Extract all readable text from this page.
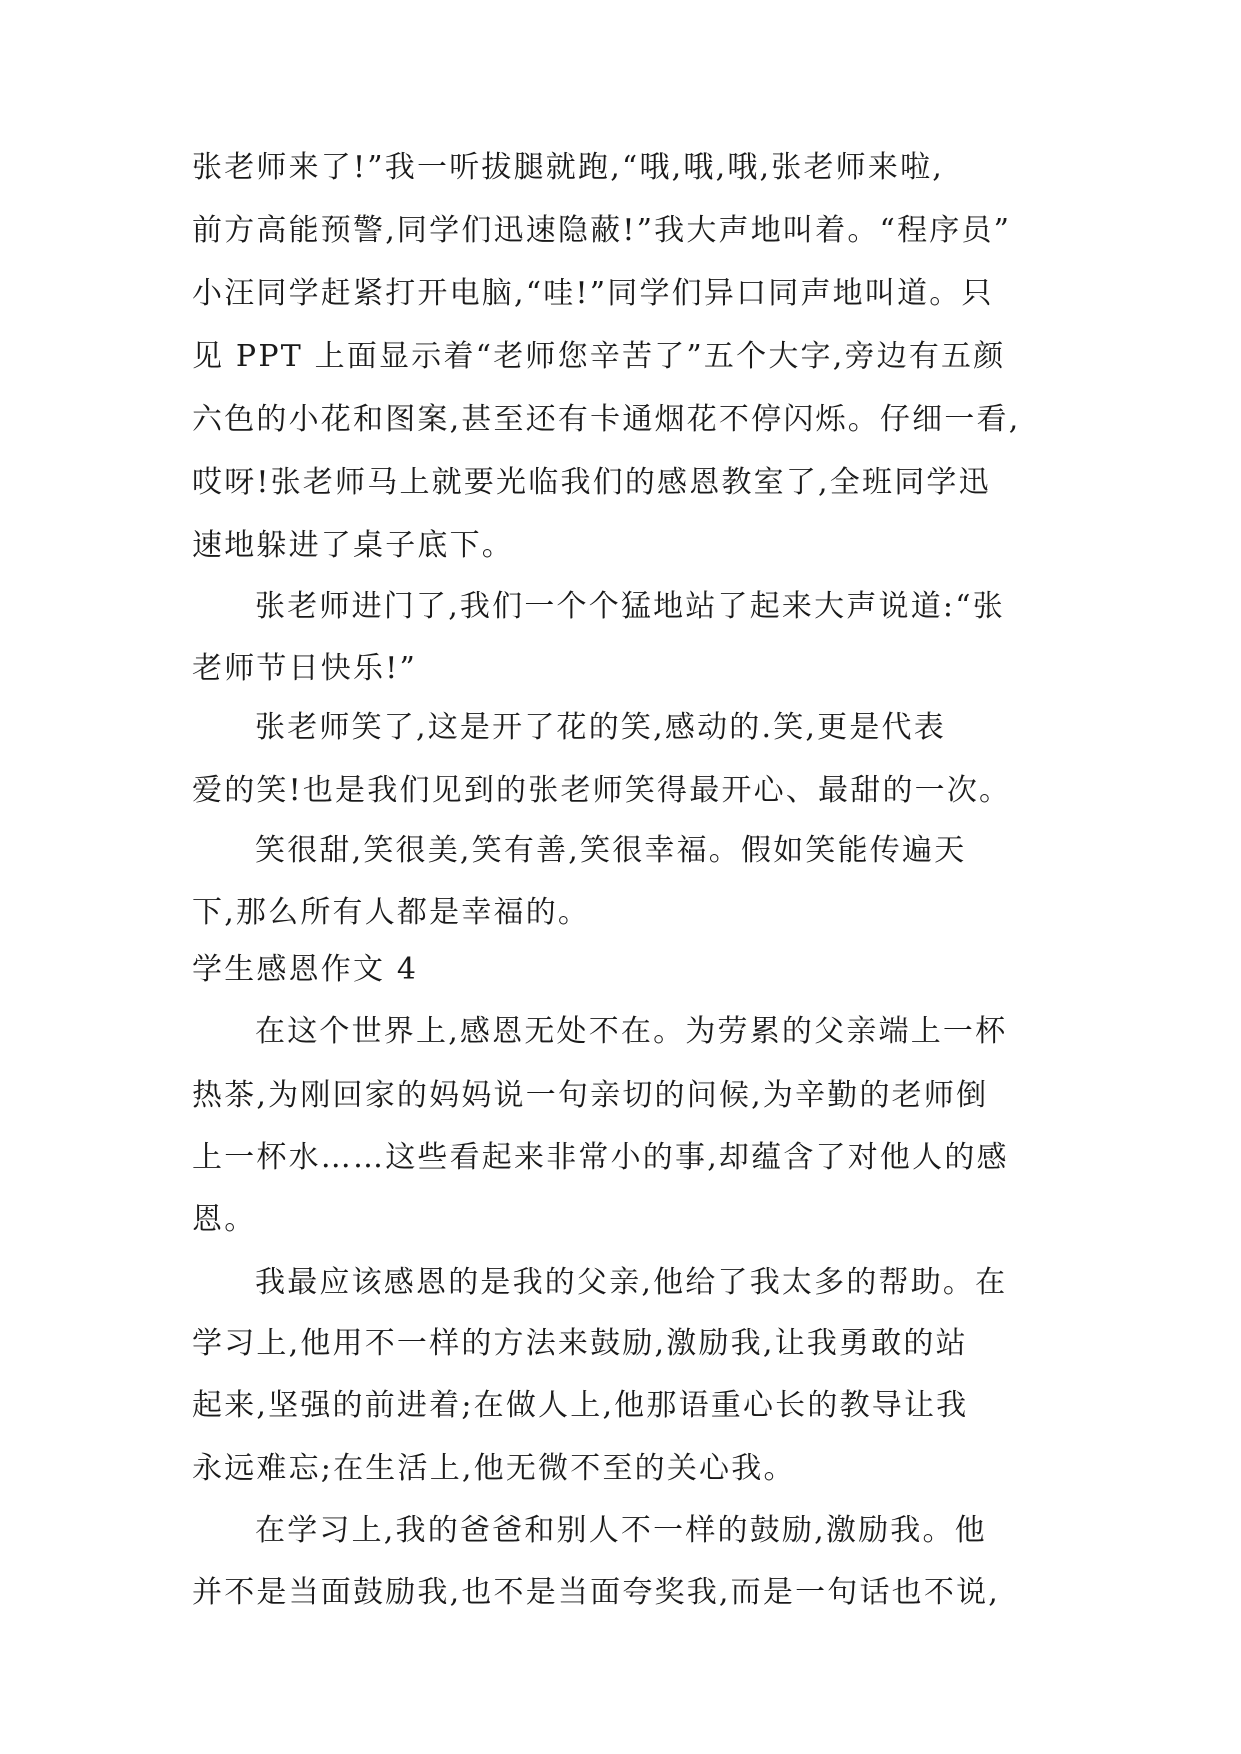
张老师来了!”我一听拔腿就跑,“哦,哦,哦,张老师来啦,
前方高能预警,同学们迅速隐蔽!”我大声地叫着。“程序员”
小汪同学赶紧打开电脑,“哇!”同学们异口同声地叫道。只
见 PPT 上面显示着“老师您辛苦了”五个大字,旁边有五颜
六色的小花和图案,甚至还有卡通烟花不停闪烁。仔细一看,
哎呀!张老师马上就要光临我们的感恩教室了,全班同学迅
速地躲进了桌子底下。
张老师进门了,我们一个个猛地站了起来大声说道:“张
老师节日快乐!”
张老师笑了,这是开了花的笑,感动的.笑,更是代表
爱的笑!也是我们见到的张老师笑得最开心、最甜的一次。
笑很甜,笑很美,笑有善,笑很幸福。假如笑能传遍天
下,那么所有人都是幸福的。
学生感恩作文 4
在这个世界上,感恩无处不在。为劳累的父亲端上一杯
热茶,为刚回家的妈妈说一句亲切的问候,为辛勤的老师倒
上一杯水……这些看起来非常小的事,却蕴含了对他人的感
恩。
我最应该感恩的是我的父亲,他给了我太多的帮助。在
学习上,他用不一样的方法来鼓励,激励我,让我勇敢的站
起来,坚强的前进着;在做人上,他那语重心长的教导让我
永远难忘;在生活上,他无微不至的关心我。
在学习上,我的爸爸和别人不一样的鼓励,激励我。他
并不是当面鼓励我,也不是当面夸奖我,而是一句话也不说,
